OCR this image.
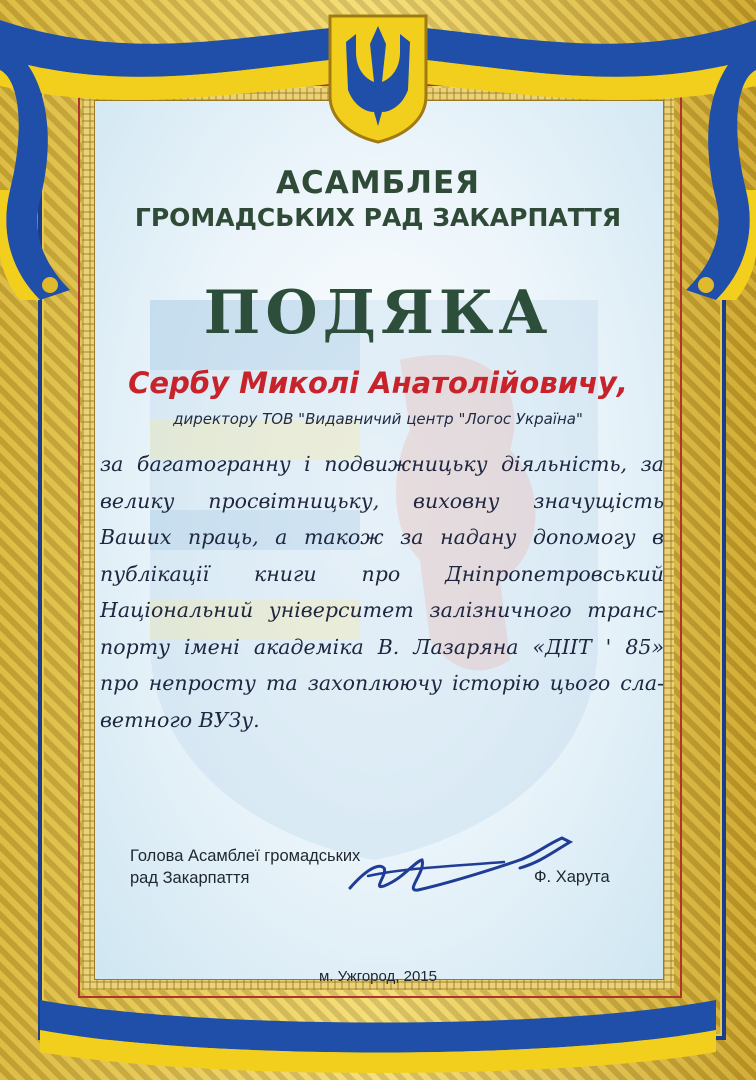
АСАМБЛЕЯ
ГРОМАДСЬКИХ РАД ЗАКАРПАТТЯ
ПОДЯКА

Сербу Миколі Анатолійовичу,

директору ТОВ "Видавничий центр "Логос Україна"

за багатогранну і подвижницьку діяльність, за
велику просвітницьку, виховну значущість
Ваших праць, а також за надану допомогу в
публікації книги про Дніпропетровський
Національний університет залізничного транс-
порту імені академіка В. Лазаряна «ДІІТ ' 85»
про непросту та захоплюючу історію цього сла-
ветного ВУЗу.

Голова Асамблеї громадських
рад Закарпаття	Ф. Харута

м. Ужгород, 2015
